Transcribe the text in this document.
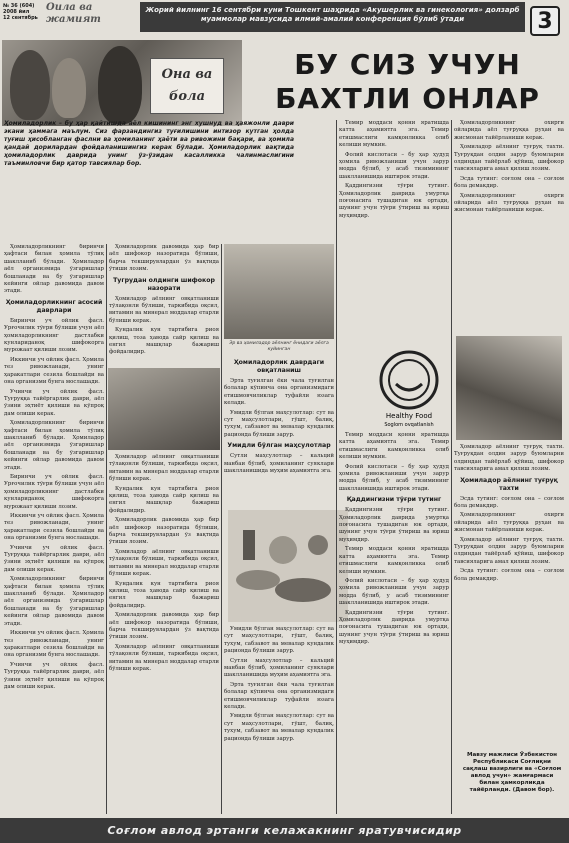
№ 36 (604)
2008 йил
12 сентябрь
Оила ва жамият
Жорий йилнинг 16 сентябри куни Тошкент шаҳрида «Акушерлик ва гинекология» долзарб муаммолар мавзусида илмий-амалий конференция бўлиб ўтади	3
Она ва бола
БУ СИЗ УЧУН БАХТЛИ ОНЛАР
Ҳомиладорлик – бу ҳар қайтишда аёл кишининг энг хушнуд ва ҳаяжонли даври экани ҳаммага маълум. Сиз фарзандингиз туғилишини интизор кутган ҳолда туғиш ҳисобланган фаслни ва ҳомиланинг ҳаёти ва ривожини бақари, ва ҳомила қандай дорилардан фойдаланишингиз керак бўлади. Ҳомиладорлик вақтида ҳомиладорлик даврида унинг ўз-ўзидан касалликка чалинмаслигини таъминловчи бир қатор тавсиялар бор.

Ҳомиладорликнинг биринчи ҳафтаси билан ҳомила тўлиқ шаклланиб бўлади. Ҳомиладор аёл организмида ўзгаришлар бошланади ва бу ўзгаришлар кейинги ойлар давомида давом этади.

Ҳомиладорликнинг асосий даврлари

Биринчи уч ойлик фасл. Урғочилик тўғри бўлиши учун аёл ҳомиладорликнинг дастлабки кунлариданоқ шифокорга мурожаат қилиши лозим.

Иккинчи уч ойлик фасл. Ҳомила тез ривожланади, унинг ҳаракатлари сезила бошлайди ва она организми бунга мослашади.

Учинчи уч ойлик фасл. Туғруққа тайёргарлик даври, аёл ўзини эҳтиёт қилиши ва кўпроқ дам олиши керак.

Ҳомиладорликнинг биринчи ҳафтаси билан ҳомила тўлиқ шаклланиб бўлади. Ҳомиладор аёл организмида ўзгаришлар бошланади ва бу ўзгаришлар кейинги ойлар давомида давом этади.

Биринчи уч ойлик фасл. Урғочилик тўғри бўлиши учун аёл ҳомиладорликнинг дастлабки кунлариданоқ шифокорга мурожаат қилиши лозим.

Иккинчи уч ойлик фасл. Ҳомила тез ривожланади, унинг ҳаракатлари сезила бошлайди ва она организми бунга мослашади.

Учинчи уч ойлик фасл. Туғруққа тайёргарлик даври, аёл ўзини эҳтиёт қилиши ва кўпроқ дам олиши керак.

Ҳомиладорликнинг биринчи ҳафтаси билан ҳомила тўлиқ шаклланиб бўлади. Ҳомиладор аёл организмида ўзгаришлар бошланади ва бу ўзгаришлар кейинги ойлар давомида давом этади.

Иккинчи уч ойлик фасл. Ҳомила тез ривожланади, унинг ҳаракатлари сезила бошлайди ва она организми бунга мослашади.

Учинчи уч ойлик фасл. Туғруққа тайёргарлик даври, аёл ўзини эҳтиёт қилиши ва кўпроқ дам олиши керак.

Ҳомиладорлик давомида ҳар бир аёл шифокор назоратида бўлиши, барча текширувлардан ўз вақтида ўтиши лозим.

Тугрудан олдинги шифокор назорати

Ҳомиладор аёлнинг овқатланиши тўлақонли бўлиши, таркибида оқсил, витамин ва минерал моддалар етарли бўлиши керак.

Кундалик кун тартибига риоя қилиш, тоза ҳавода сайр қилиш ва енгил машқлар бажариш фойдалидир.

Ҳомиладор аёлнинг овқатланиши тўлақонли бўлиши, таркибида оқсил, витамин ва минерал моддалар етарли бўлиши керак.

Кундалик кун тартибига риоя қилиш, тоза ҳавода сайр қилиш ва енгил машқлар бажариш фойдалидир.

Ҳомиладорлик давомида ҳар бир аёл шифокор назоратида бўлиши, барча текширувлардан ўз вақтида ўтиши лозим.

Ҳомиладор аёлнинг овқатланиши тўлақонли бўлиши, таркибида оқсил, витамин ва минерал моддалар етарли бўлиши керак.

Кундалик кун тартибига риоя қилиш, тоза ҳавода сайр қилиш ва енгил машқлар бажариш фойдалидир.

Ҳомиладорлик давомида ҳар бир аёл шифокор назоратида бўлиши, барча текширувлардан ўз вақтида ўтиши лозим.

Ҳомиладор аёлнинг овқатланиши тўлақонли бўлиши, таркибида оқсил, витамин ва минерал моддалар етарли бўлиши керак.

Эр ва ҳомиладор аёлнинг ёнидаги аёлга куйинган
Ҳомиладорлик даврдаги овқатланиш

Эрта туғилган ёки чала туғилган болалар кўпинча она организмидаги етишмовчиликлар туфайли юзага келади.

Умидли бўлган маҳсулотлар: сут ва сут маҳсулотлари, гўшт, балиқ, тухум, сабзавот ва мевалар кундалик рационда бўлиши зарур.

Умидли бўлган маҳсулотлар

Сутли маҳсулотлар – кальций манбаи бўлиб, ҳомиланинг суяклари шаклланишида муҳим аҳамиятга эга.

Умидли бўлган маҳсулотлар: сут ва сут маҳсулотлари, гўшт, балиқ, тухум, сабзавот ва мевалар кундалик рационда бўлиши зарур.

Сутли маҳсулотлар – кальций манбаи бўлиб, ҳомиланинг суяклари шаклланишида муҳим аҳамиятга эга.

Эрта туғилган ёки чала туғилган болалар кўпинча она организмидаги етишмовчиликлар туфайли юзага келади.

Умидли бўлган маҳсулотлар: сут ва сут маҳсулотлари, гўшт, балиқ, тухум, сабзавот ва мевалар кундалик рационда бўлиши зарур.

Темир моддаси қонни яратишда катта аҳамиятга эга. Темир етишмаслиги камқонликка олиб келиши мумкин.

Фолий кислотаси – бу ҳар ҳудуд ҳомила ривожланиши учун зарур модда бўлиб, у асаб тизимининг шаклланишида иштирок этади.

Қаддингизни тўғри тутинг. Ҳомиладорлик даврида умуртқа поғонасига тушадиган юк ортади, шунинг учун тўғри ўтириш ва юриш муҳимдир.

Healthy Food
Soglom ovqatlanish

Темир моддаси қонни яратишда катта аҳамиятга эга. Темир етишмаслиги камқонликка олиб келиши мумкин.

Фолий кислотаси – бу ҳар ҳудуд ҳомила ривожланиши учун зарур модда бўлиб, у асаб тизимининг шаклланишида иштирок этади.

Қаддингизни тўғри тутинг

Қаддингизни тўғри тутинг. Ҳомиладорлик даврида умуртқа поғонасига тушадиган юк ортади, шунинг учун тўғри ўтириш ва юриш муҳимдир.

Темир моддаси қонни яратишда катта аҳамиятга эга. Темир етишмаслиги камқонликка олиб келиши мумкин.

Фолий кислотаси – бу ҳар ҳудуд ҳомила ривожланиши учун зарур модда бўлиб, у асаб тизимининг шаклланишида иштирок этади.

Қаддингизни тўғри тутинг. Ҳомиладорлик даврида умуртқа поғонасига тушадиган юк ортади, шунинг учун тўғри ўтириш ва юриш муҳимдир.

Ҳомиладорликнинг охирги ойларида аёл туғруққа руҳан ва жисмонан тайёрланиши керак.

Ҳомиладор аёлнинг туғруқ тахти. Туғруқдан олдин зарур буюмларни олдиндан тайёрлаб қўйиш, шифокор тавсияларига амал қилиш лозим.

Эсда тутинг: соғлом она – соғлом бола демакдир.

Ҳомиладорликнинг охирги ойларида аёл туғруққа руҳан ва жисмонан тайёрланиши керак.

Ҳомиладор аёлнинг туғруқ тахти. Туғруқдан олдин зарур буюмларни олдиндан тайёрлаб қўйиш, шифокор тавсияларига амал қилиш лозим.

Ҳомиладор аёлнинг туғруқ тахти

Эсда тутинг: соғлом она – соғлом бола демакдир.

Ҳомиладорликнинг охирги ойларида аёл туғруққа руҳан ва жисмонан тайёрланиши керак.

Ҳомиладор аёлнинг туғруқ тахти. Туғруқдан олдин зарур буюмларни олдиндан тайёрлаб қўйиш, шифокор тавсияларига амал қилиш лозим.

Эсда тутинг: соғлом она – соғлом бола демакдир.

Мавзу мажлиси Ўзбекистон Республикаси Соғлиқни сақлаш вазирлиги ва «Соғлом авлод учун» жамғармаси билан ҳамкорликда тайёрланди. (Давом бор).
Соғлом авлод эртанги келажакнинг яратувчисидир
